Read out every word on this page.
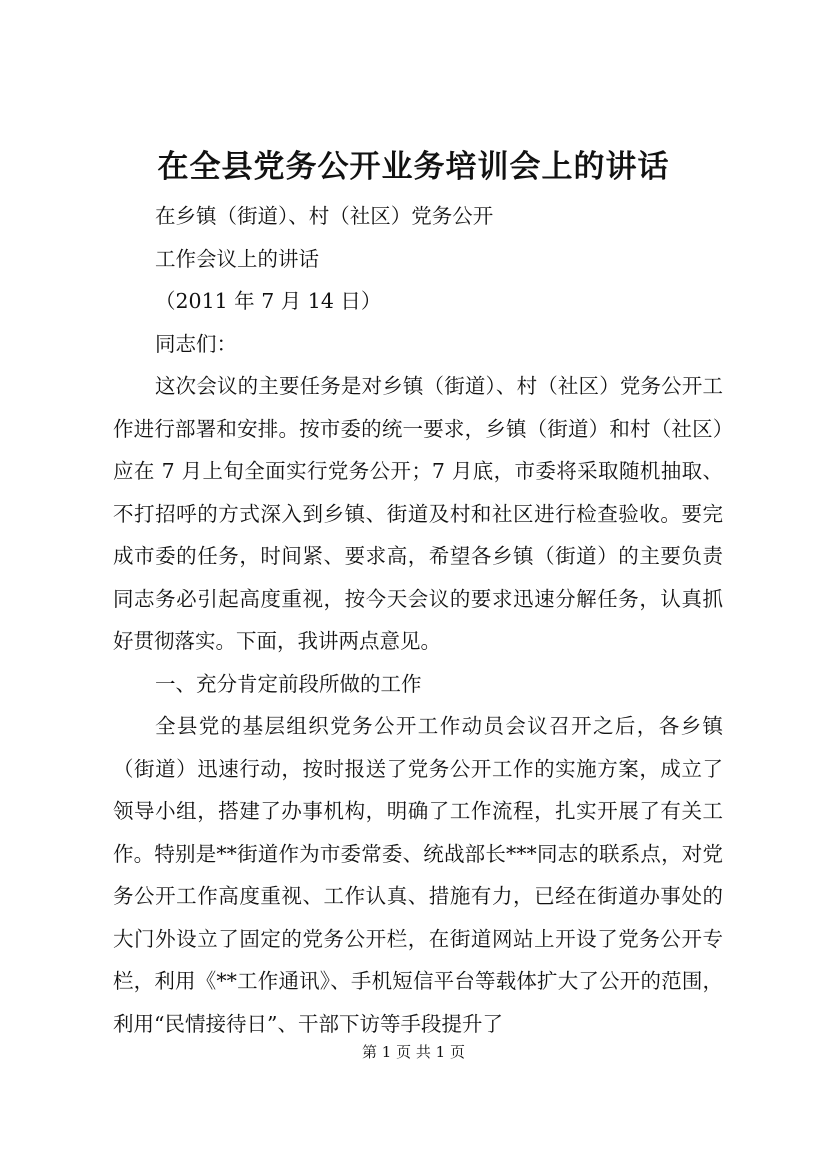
在全县党务公开业务培训会上的讲话

在乡镇（街道）、村（社区）党务公开

工作会议上的讲话

（2011 年 7 月 14 日）

同志们：

这次会议的主要任务是对乡镇（街道）、村（社区）党务公开工作进行部署和安排。按市委的统一要求，乡镇（街道）和村（社区）应在 7 月上旬全面实行党务公开；7 月底，市委将采取随机抽取、不打招呼的方式深入到乡镇、街道及村和社区进行检查验收。要完成市委的任务，时间紧、要求高，希望各乡镇（街道）的主要负责同志务必引起高度重视，按今天会议的要求迅速分解任务，认真抓好贯彻落实。下面，我讲两点意见。

一、充分肯定前段所做的工作

全县党的基层组织党务公开工作动员会议召开之后，各乡镇（街道）迅速行动，按时报送了党务公开工作的实施方案，成立了领导小组，搭建了办事机构，明确了工作流程，扎实开展了有关工作。特别是**街道作为市委常委、统战部长***同志的联系点，对党务公开工作高度重视、工作认真、措施有力，已经在街道办事处的大门外设立了固定的党务公开栏，在街道网站上开设了党务公开专栏，利用《**工作通讯》、手机短信平台等载体扩大了公开的范围，利用“民情接待日”、干部下访等手段提升了

第 1 页 共 1 页
